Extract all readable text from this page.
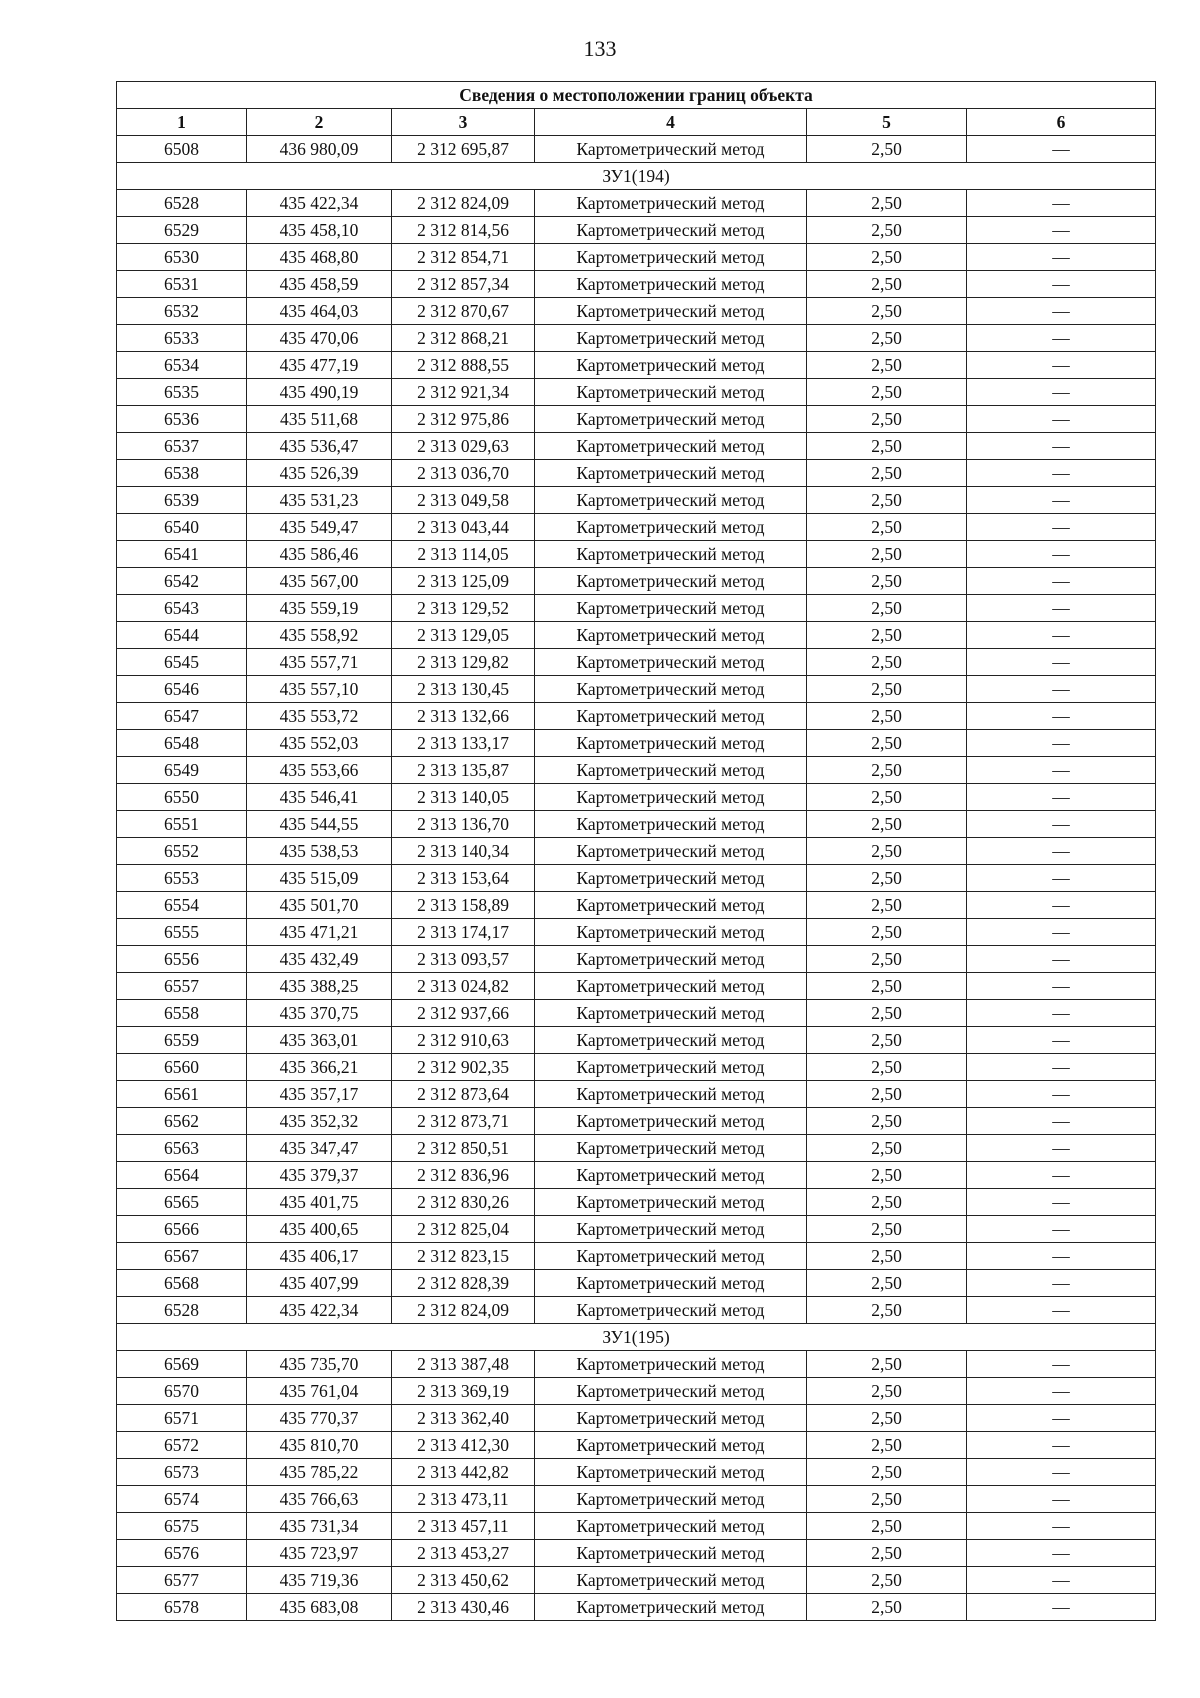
133
Сведения о местоположении границ объекта					
1	2	3	4	5	6
6508	436 980,09	2 312 695,87	Картометрический метод	2,50	—
ЗУ1(194)					
6528	435 422,34	2 312 824,09	Картометрический метод	2,50	—
6529	435 458,10	2 312 814,56	Картометрический метод	2,50	—
6530	435 468,80	2 312 854,71	Картометрический метод	2,50	—
6531	435 458,59	2 312 857,34	Картометрический метод	2,50	—
6532	435 464,03	2 312 870,67	Картометрический метод	2,50	—
6533	435 470,06	2 312 868,21	Картометрический метод	2,50	—
6534	435 477,19	2 312 888,55	Картометрический метод	2,50	—
6535	435 490,19	2 312 921,34	Картометрический метод	2,50	—
6536	435 511,68	2 312 975,86	Картометрический метод	2,50	—
6537	435 536,47	2 313 029,63	Картометрический метод	2,50	—
6538	435 526,39	2 313 036,70	Картометрический метод	2,50	—
6539	435 531,23	2 313 049,58	Картометрический метод	2,50	—
6540	435 549,47	2 313 043,44	Картометрический метод	2,50	—
6541	435 586,46	2 313 114,05	Картометрический метод	2,50	—
6542	435 567,00	2 313 125,09	Картометрический метод	2,50	—
6543	435 559,19	2 313 129,52	Картометрический метод	2,50	—
6544	435 558,92	2 313 129,05	Картометрический метод	2,50	—
6545	435 557,71	2 313 129,82	Картометрический метод	2,50	—
6546	435 557,10	2 313 130,45	Картометрический метод	2,50	—
6547	435 553,72	2 313 132,66	Картометрический метод	2,50	—
6548	435 552,03	2 313 133,17	Картометрический метод	2,50	—
6549	435 553,66	2 313 135,87	Картометрический метод	2,50	—
6550	435 546,41	2 313 140,05	Картометрический метод	2,50	—
6551	435 544,55	2 313 136,70	Картометрический метод	2,50	—
6552	435 538,53	2 313 140,34	Картометрический метод	2,50	—
6553	435 515,09	2 313 153,64	Картометрический метод	2,50	—
6554	435 501,70	2 313 158,89	Картометрический метод	2,50	—
6555	435 471,21	2 313 174,17	Картометрический метод	2,50	—
6556	435 432,49	2 313 093,57	Картометрический метод	2,50	—
6557	435 388,25	2 313 024,82	Картометрический метод	2,50	—
6558	435 370,75	2 312 937,66	Картометрический метод	2,50	—
6559	435 363,01	2 312 910,63	Картометрический метод	2,50	—
6560	435 366,21	2 312 902,35	Картометрический метод	2,50	—
6561	435 357,17	2 312 873,64	Картометрический метод	2,50	—
6562	435 352,32	2 312 873,71	Картометрический метод	2,50	—
6563	435 347,47	2 312 850,51	Картометрический метод	2,50	—
6564	435 379,37	2 312 836,96	Картометрический метод	2,50	—
6565	435 401,75	2 312 830,26	Картометрический метод	2,50	—
6566	435 400,65	2 312 825,04	Картометрический метод	2,50	—
6567	435 406,17	2 312 823,15	Картометрический метод	2,50	—
6568	435 407,99	2 312 828,39	Картометрический метод	2,50	—
6528	435 422,34	2 312 824,09	Картометрический метод	2,50	—
ЗУ1(195)					
6569	435 735,70	2 313 387,48	Картометрический метод	2,50	—
6570	435 761,04	2 313 369,19	Картометрический метод	2,50	—
6571	435 770,37	2 313 362,40	Картометрический метод	2,50	—
6572	435 810,70	2 313 412,30	Картометрический метод	2,50	—
6573	435 785,22	2 313 442,82	Картометрический метод	2,50	—
6574	435 766,63	2 313 473,11	Картометрический метод	2,50	—
6575	435 731,34	2 313 457,11	Картометрический метод	2,50	—
6576	435 723,97	2 313 453,27	Картометрический метод	2,50	—
6577	435 719,36	2 313 450,62	Картометрический метод	2,50	—
6578	435 683,08	2 313 430,46	Картометрический метод	2,50	—
